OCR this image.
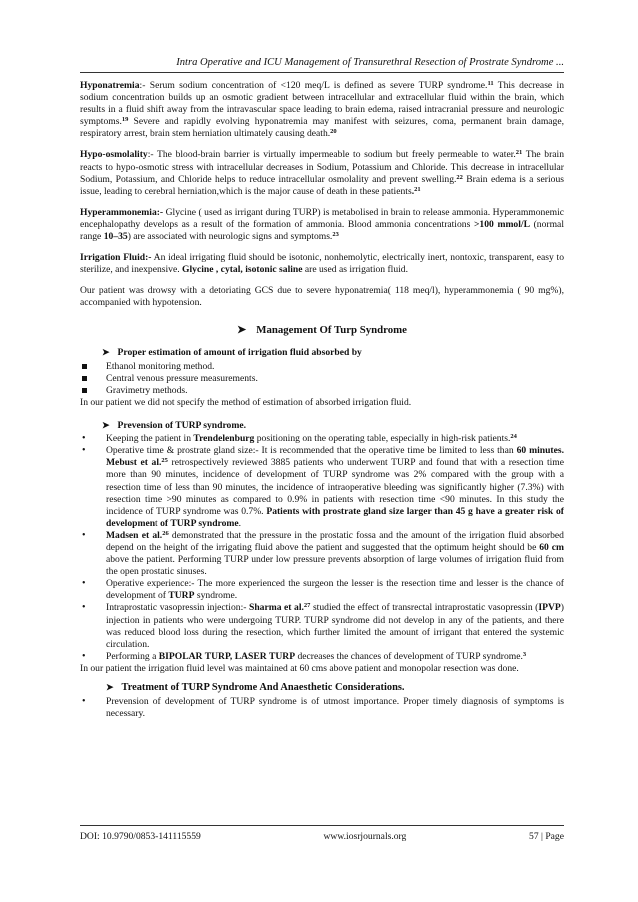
Intra Operative and ICU Management of Transurethral Resection of Prostrate Syndrome ...

Hyponatremia:- Serum sodium concentration of <120 meq/L is defined as severe TURP syndrome.$^{11}$ This decrease in sodium concentration builds up an osmotic gradient between intracellular and extracellular fluid within the brain, which results in a fluid shift away from the intravascular space leading to brain edema, raised intracranial pressure and neurologic symptoms.$^{19}$ Severe and rapidly evolving hyponatremia may manifest with seizures, coma, permanent brain damage, respiratory arrest, brain stem herniation ultimately causing death.$^{20}$

Hypo-osmolality:- The blood-brain barrier is virtually impermeable to sodium but freely permeable to water.$^{21}$ The brain reacts to hypo-osmotic stress with intracellular decreases in Sodium, Potassium and Chloride. This decrease in intracellular Sodium, Potassium, and Chloride helps to reduce intracellular osmolality and prevent swelling.$^{22}$ Brain edema is a serious issue, leading to cerebral herniation,which is the major cause of death in these patients.$^{21}$

Hyperammonemia:- Glycine ( used as irrigant during TURP) is metabolised in brain to release ammonia. Hyperammonemic encephalopathy develops as a result of the formation of ammonia. Blood ammonia concentrations >100 mmol/L (normal range 10–35) are associated with neurologic signs and symptoms.$^{23}$

Irrigation Fluid:- An ideal irrigating fluid should be isotonic, nonhemolytic, electrically inert, nontoxic, transparent, easy to sterilize, and inexpensive. Glycine , cytal, isotonic saline are used as irrigation fluid.

Our patient was drowsy with a detoriating GCS due to severe hyponatremia( 118 meq/l), hyperammonemia ( 90 mg%), accompanied with hypotension.

➤ Management Of Turp Syndrome
➤ Proper estimation of amount of irrigation fluid absorbed by
Ethanol monitoring method.
Central venous pressure measurements.
Gravimetry methods.

In our patient we did not specify the method of estimation of absorbed irrigation fluid.

➤ Prevension of TURP syndrome.
• Keeping the patient in Trendelenburg positioning on the operating table, especially in high-risk patients.$^{24}$
• Operative time & prostrate gland size:- It is recommended that the operative time be limited to less than 60 minutes. Mebust et al.$^{25}$ retrospectively reviewed 3885 patients who underwent TURP and found that with a resection time more than 90 minutes, incidence of development of TURP syndrome was 2% compared with the group with a resection time of less than 90 minutes, the incidence of intraoperative bleeding was significantly higher (7.3%) with resection time >90 minutes as compared to 0.9% in patients with resection time <90 minutes. In this study the incidence of TURP syndrome was 0.7%. Patients with prostrate gland size larger than 45 g have a greater risk of development of TURP syndrome.
• Madsen et al.$^{26}$ demonstrated that the pressure in the prostatic fossa and the amount of the irrigation fluid absorbed depend on the height of the irrigating fluid above the patient and suggested that the optimum height should be 60 cm above the patient. Performing TURP under low pressure prevents absorption of large volumes of irrigation fluid from the open prostatic sinuses.
• Operative experience:- The more experienced the surgeon the lesser is the resection time and lesser is the chance of development of TURP syndrome.
• Intraprostatic vasopressin injection:- Sharma et al.$^{27}$ studied the effect of transrectal intraprostatic vasopressin (IPVP) injection in patients who were undergoing TURP. TURP syndrome did not develop in any of the patients, and there was reduced blood loss during the resection, which further limited the amount of irrigant that entered the systemic circulation.
• Performing a BIPOLAR TURP, LASER TURP decreases the chances of development of TURP syndrome.$^3$

In our patient the irrigation fluid level was maintained at 60 cms above patient and monopolar resection was done.

➤ Treatment of TURP Syndrome And Anaesthetic Considerations.
• Prevension of development of TURP syndrome is of utmost importance. Proper timely diagnosis of symptoms is necessary.
DOI: 10.9790/0853-141115559	www.iosrjournals.org	57 | Page
